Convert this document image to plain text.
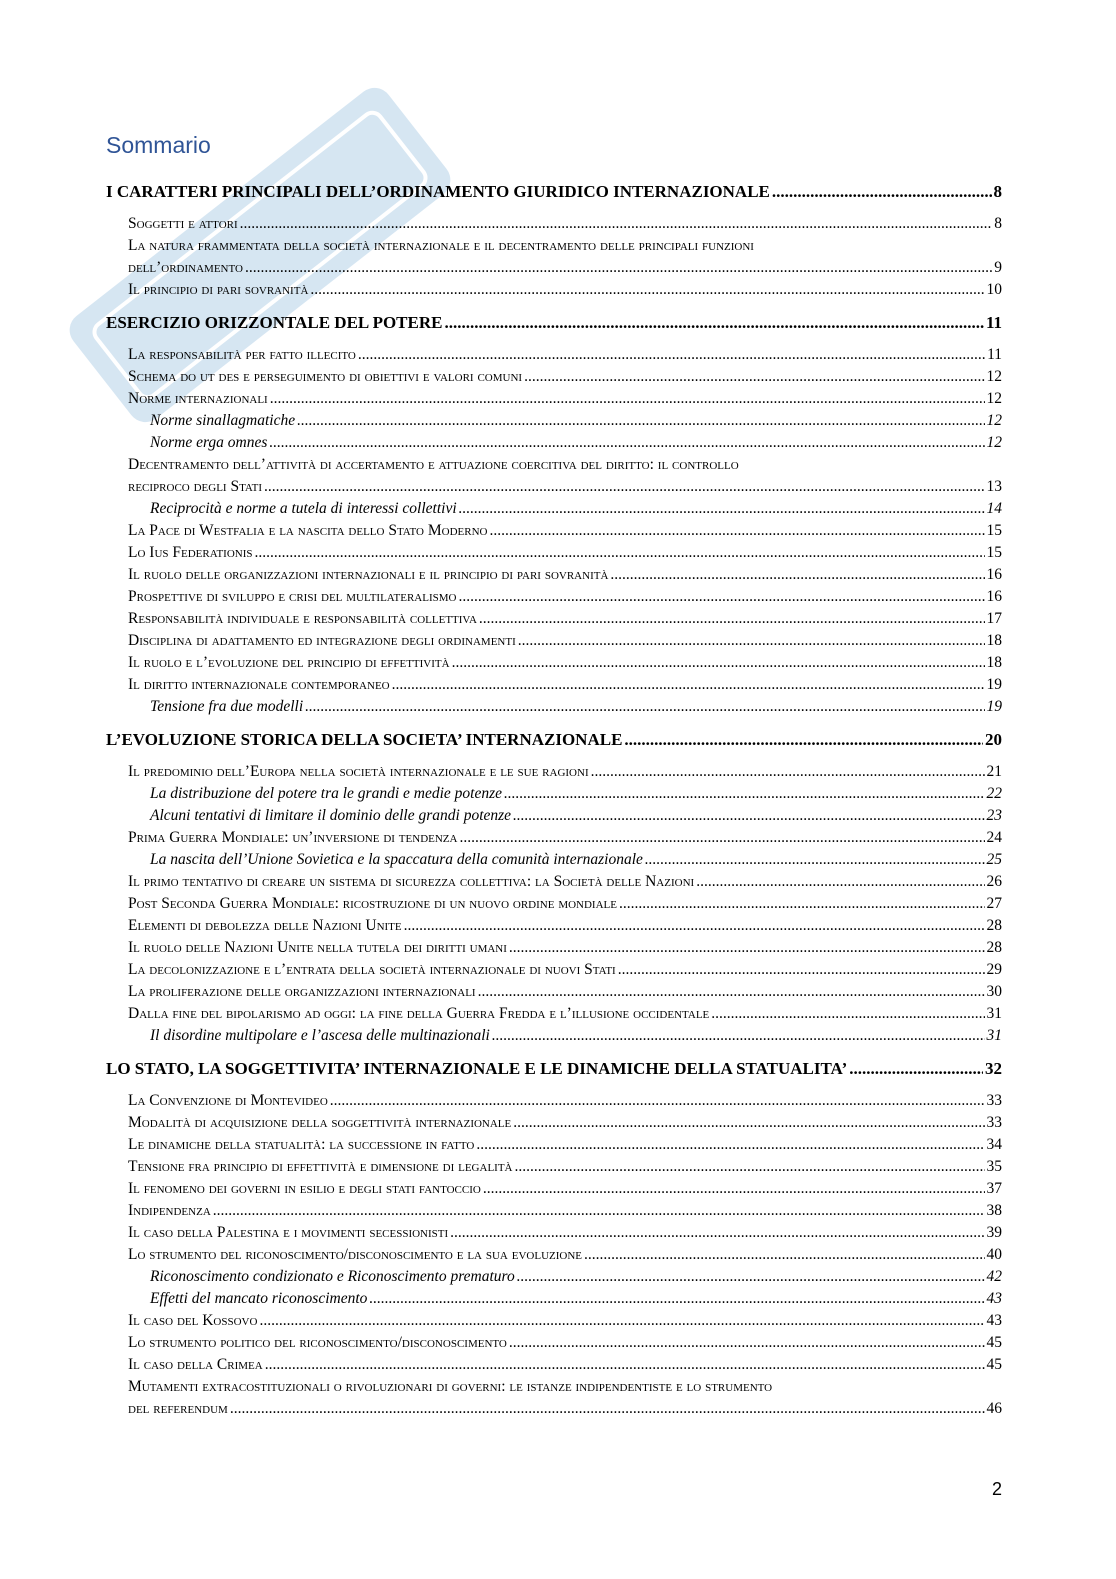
Sommario
I CARATTERI PRINCIPALI DELL’ORDINAMENTO GIURIDICO INTERNAZIONALE .....	8
Soggetti e attori .....	8
La natura frammentata della società internazionale e il decentramento delle principali funzioni
dell’ordinamento .....	9
Il principio di pari sovranità .....	10
ESERCIZIO ORIZZONTALE DEL POTERE .....	11
La responsabilità per fatto illecito .....	11
Schema do ut des e perseguimento di obiettivi e valori comuni .....	12
Norme internazionali .....	12
Norme sinallagmatiche .....	12
Norme erga omnes .....	12
Decentramento dell’attività di accertamento e attuazione coercitiva del diritto: il controllo
reciproco degli Stati .....	13
Reciprocità e norme a tutela di interessi collettivi .....	14
La Pace di Westfalia e la nascita dello Stato Moderno .....	15
Lo Ius Federationis .....	15
Il ruolo delle organizzazioni internazionali e il principio di pari sovranità .....	16
Prospettive di sviluppo e crisi del multilateralismo .....	16
Responsabilità individuale e responsabilità collettiva .....	17
Disciplina di adattamento ed integrazione degli ordinamenti .....	18
Il ruolo e l’evoluzione del principio di effettività .....	18
Il diritto internazionale contemporaneo .....	19
Tensione fra due modelli .....	19
L’EVOLUZIONE STORICA DELLA SOCIETA’ INTERNAZIONALE .....	20
Il predominio dell’Europa nella società internazionale e le sue ragioni .....	21
La distribuzione del potere tra le grandi e medie potenze .....	22
Alcuni tentativi di limitare il dominio delle grandi potenze .....	23
Prima Guerra Mondiale: un’inversione di tendenza .....	24
La nascita dell’Unione Sovietica e la spaccatura della comunità internazionale .....	25
Il primo tentativo di creare un sistema di sicurezza collettiva: la Società delle Nazioni .....	26
Post Seconda Guerra Mondiale: ricostruzione di un nuovo ordine mondiale .....	27
Elementi di debolezza delle Nazioni Unite .....	28
Il ruolo delle Nazioni Unite nella tutela dei diritti umani .....	28
La decolonizzazione e l’entrata della società internazionale di nuovi Stati .....	29
La proliferazione delle organizzazioni internazionali .....	30
Dalla fine del bipolarismo ad oggi: la fine della Guerra Fredda e l’illusione occidentale .....	31
Il disordine multipolare e l’ascesa delle multinazionali .....	31
LO STATO, LA SOGGETTIVITA’ INTERNAZIONALE E LE DINAMICHE DELLA STATUALITA’ .....	32
La Convenzione di Montevideo .....	33
Modalità di acquisizione della soggettività internazionale .....	33
Le dinamiche della statualità: la successione in fatto .....	34
Tensione fra principio di effettività e dimensione di legalità .....	35
Il fenomeno dei governi in esilio e degli stati fantoccio .....	37
Indipendenza .....	38
Il caso della Palestina e i movimenti secessionisti .....	39
Lo strumento del riconoscimento/disconoscimento e la sua evoluzione .....	40
Riconoscimento condizionato e Riconoscimento prematuro .....	42
Effetti del mancato riconoscimento .....	43
Il caso del Kossovo .....	43
Lo strumento politico del riconoscimento/disconoscimento .....	45
Il caso della Crimea .....	45
Mutamenti extracostituzionali o rivoluzionari di governi: le istanze indipendentiste e lo strumento
del referendum .....	46
2
